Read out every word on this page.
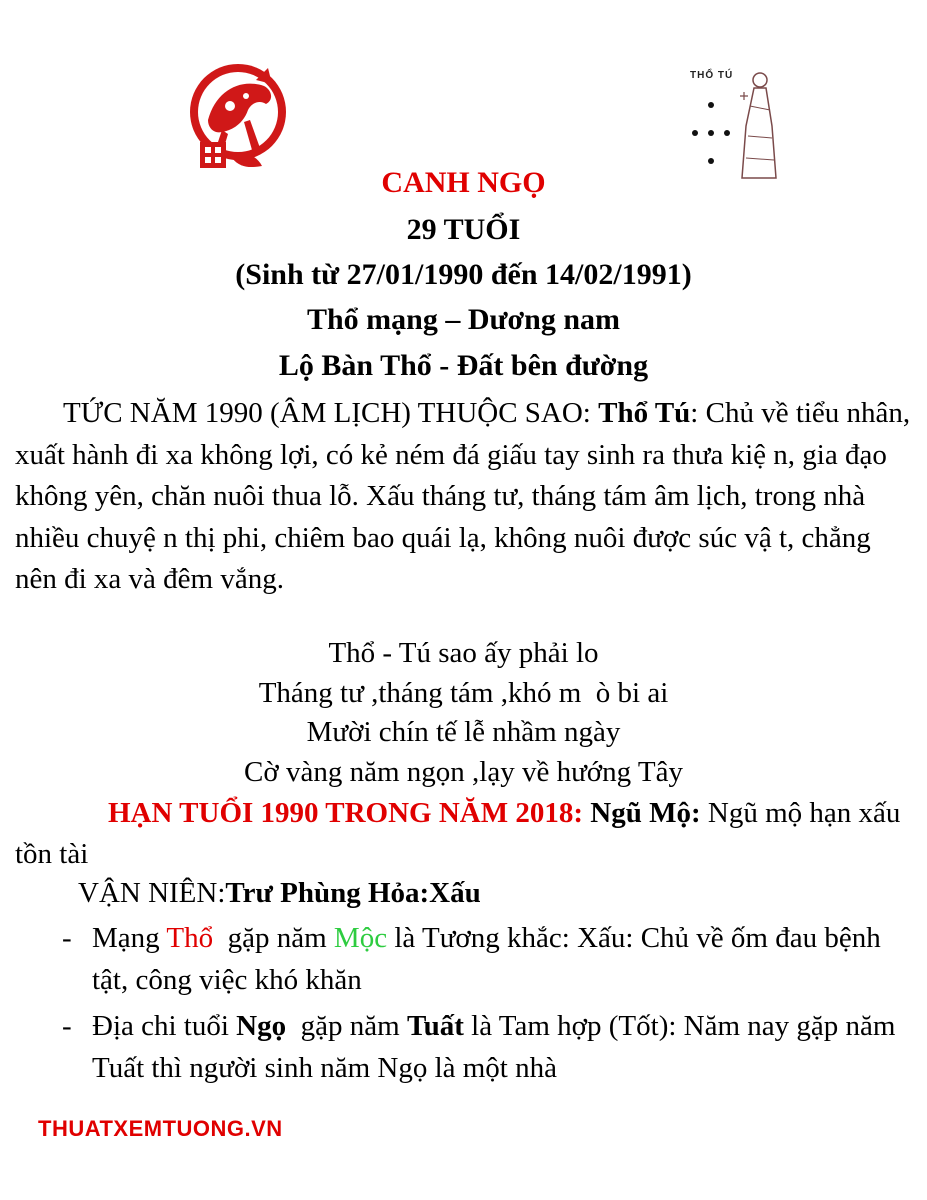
THỔ TÚ
CANH NGỌ
29 TUỔI
(Sinh từ 27/01/1990 đến 14/02/1991)
Thổ mạng – Dương nam
Lộ Bàn Thổ - Đất bên đường
TỨC NĂM 1990 (ÂM LỊCH) THUỘC SAO: Thổ Tú: Chủ về tiểu nhân, xuất hành đi xa không lợi, có kẻ ném đá giấu tay sinh ra thưa kiệ n, gia đạo không yên, chăn nuôi thua lỗ. Xấu tháng tư, tháng tám âm lịch, trong nhà nhiều chuyệ n thị phi, chiêm bao quái lạ, không nuôi được súc vậ t, chẳng nên đi xa và đêm vắng.
Thổ - Tú sao ấy phải lo
Tháng tư ,tháng tám ,khó m  ò bi ai
Mười chín tế lễ nhầm ngày
Cờ vàng năm ngọn ,lạy về hướng Tây
HẠN TUỔI 1990 TRONG NĂM 2018: Ngũ Mộ: Ngũ mộ hạn xấu tồn tài
VẬN NIÊN:Trư Phùng Hỏa:Xấu
- Mạng Thổ  gặp năm Mộc là Tương khắc: Xấu: Chủ về ốm đau bệnh tật, công việc khó khăn
- Địa chi tuổi Ngọ  gặp năm Tuất là Tam hợp (Tốt): Năm nay gặp năm Tuất thì người sinh năm Ngọ là một nhà
THUATXEMTUONG.VN
